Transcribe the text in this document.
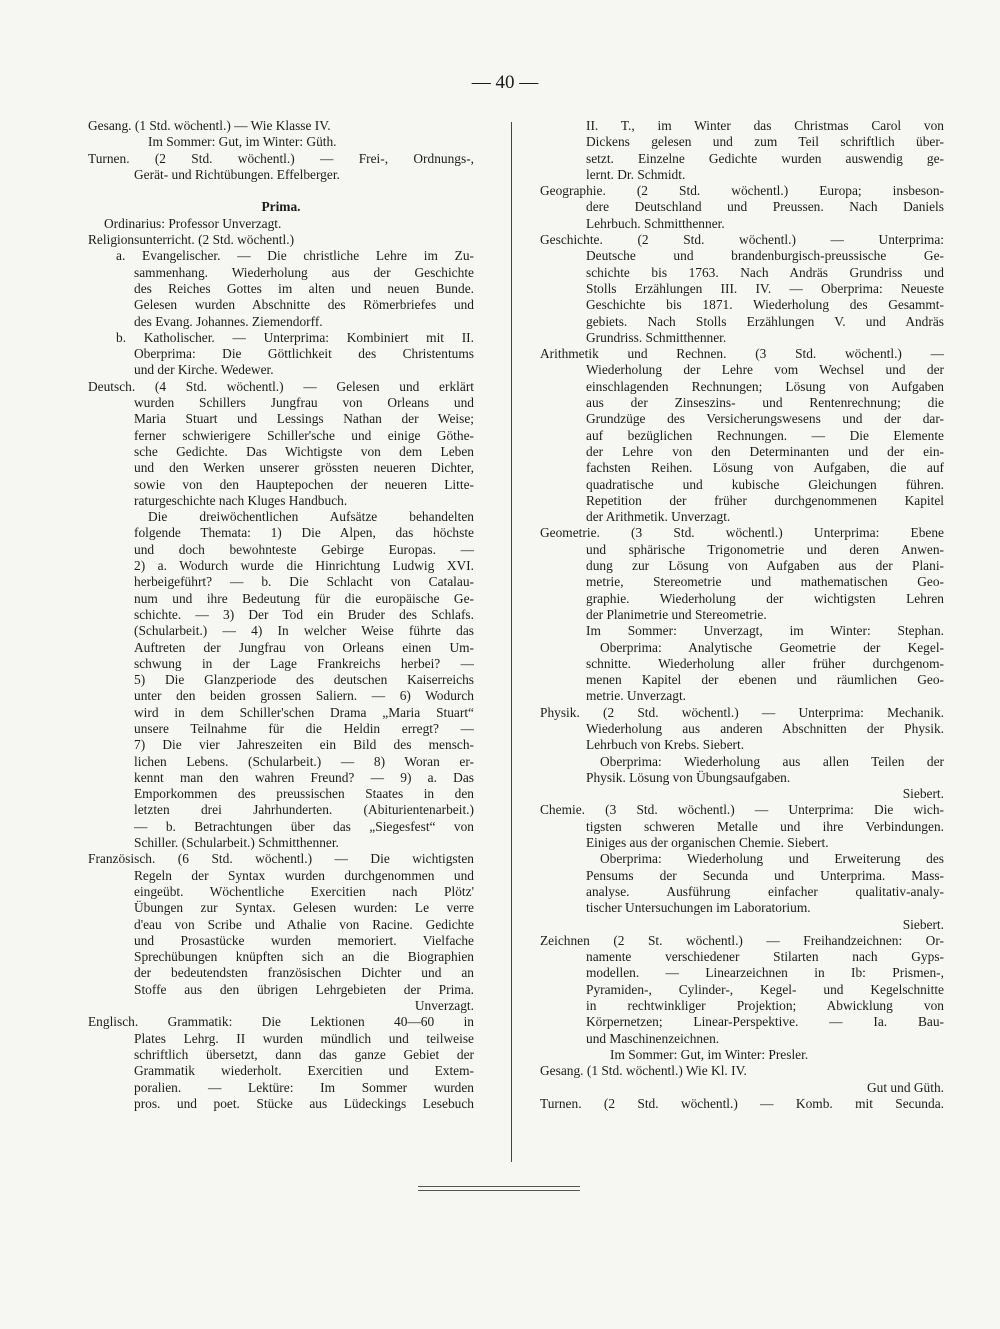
— 40 —
Gesang. (1 Std. wöchentl.) — Wie Klasse IV.
Im Sommer: Gut, im Winter: Güth.
Turnen. (2 Std. wöchentl.) — Frei-, Ordnungs-,
Gerät- und Richtübungen. Effelberger.

Prima.
Ordinarius: Professor Unverzagt.
Religionsunterricht. (2 Std. wöchentl.)
a. Evangelischer. — Die christliche Lehre im Zu-
sammenhang. Wiederholung aus der Geschichte
des Reiches Gottes im alten und neuen Bunde.
Gelesen wurden Abschnitte des Römerbriefes und
des Evang. Johannes. Ziemendorff.
b. Katholischer. — Unterprima: Kombiniert mit II.
Oberprima: Die Göttlichkeit des Christentums
und der Kirche. Wedewer.
Deutsch. (4 Std. wöchentl.) — Gelesen und erklärt
wurden Schillers Jungfrau von Orleans und
Maria Stuart und Lessings Nathan der Weise;
ferner schwierigere Schiller'sche und einige Göthe-
sche Gedichte. Das Wichtigste von dem Leben
und den Werken unserer grössten neueren Dichter,
sowie von den Hauptepochen der neueren Litte-
raturgeschichte nach Kluges Handbuch.
Die dreiwöchentlichen Aufsätze behandelten
folgende Themata: 1) Die Alpen, das höchste
und doch bewohnteste Gebirge Europas. —
2) a. Wodurch wurde die Hinrichtung Ludwig XVI.
herbeigeführt? — b. Die Schlacht von Catalau-
num und ihre Bedeutung für die europäische Ge-
schichte. — 3) Der Tod ein Bruder des Schlafs.
(Schularbeit.) — 4) In welcher Weise führte das
Auftreten der Jungfrau von Orleans einen Um-
schwung in der Lage Frankreichs herbei? —
5) Die Glanzperiode des deutschen Kaiserreichs
unter den beiden grossen Saliern. — 6) Wodurch
wird in dem Schiller'schen Drama „Maria Stuart“
unsere Teilnahme für die Heldin erregt? —
7) Die vier Jahreszeiten ein Bild des mensch-
lichen Lebens. (Schularbeit.) — 8) Woran er-
kennt man den wahren Freund? — 9) a. Das
Emporkommen des preussischen Staates in den
letzten drei Jahrhunderten. (Abiturientenarbeit.)
— b. Betrachtungen über das „Siegesfest“ von
Schiller. (Schularbeit.) Schmitthenner.
Französisch. (6 Std. wöchentl.) — Die wichtigsten
Regeln der Syntax wurden durchgenommen und
eingeübt. Wöchentliche Exercitien nach Plötz'
Übungen zur Syntax. Gelesen wurden: Le verre
d'eau von Scribe und Athalie von Racine. Gedichte
und Prosastücke wurden memoriert. Vielfache
Sprechübungen knüpften sich an die Biographien
der bedeutendsten französischen Dichter und an
Stoffe aus den übrigen Lehrgebieten der Prima.
Unverzagt.
Englisch. Grammatik: Die Lektionen 40—60 in
Plates Lehrg. II wurden mündlich und teilweise
schriftlich übersetzt, dann das ganze Gebiet der
Grammatik wiederholt. Exercitien und Extem-
poralien. — Lektüre: Im Sommer wurden
pros. und poet. Stücke aus Lüdeckings Lesebuch
II. T., im Winter das Christmas Carol von
Dickens gelesen und zum Teil schriftlich über-
setzt. Einzelne Gedichte wurden auswendig ge-
lernt. Dr. Schmidt.
Geographie. (2 Std. wöchentl.) Europa; insbeson-
dere Deutschland und Preussen. Nach Daniels
Lehrbuch. Schmitthenner.
Geschichte. (2 Std. wöchentl.) — Unterprima:
Deutsche und brandenburgisch-preussische Ge-
schichte bis 1763. Nach Andräs Grundriss und
Stolls Erzählungen III. IV. — Oberprima: Neueste
Geschichte bis 1871. Wiederholung des Gesammt-
gebiets. Nach Stolls Erzählungen V. und Andräs
Grundriss. Schmitthenner.
Arithmetik und Rechnen. (3 Std. wöchentl.) —
Wiederholung der Lehre vom Wechsel und der
einschlagenden Rechnungen; Lösung von Aufgaben
aus der Zinseszins- und Rentenrechnung; die
Grundzüge des Versicherungswesens und der dar-
auf bezüglichen Rechnungen. — Die Elemente
der Lehre von den Determinanten und der ein-
fachsten Reihen. Lösung von Aufgaben, die auf
quadratische und kubische Gleichungen führen.
Repetition der früher durchgenommenen Kapitel
der Arithmetik. Unverzagt.
Geometrie. (3 Std. wöchentl.) Unterprima: Ebene
und sphärische Trigonometrie und deren Anwen-
dung zur Lösung von Aufgaben aus der Plani-
metrie, Stereometrie und mathematischen Geo-
graphie. Wiederholung der wichtigsten Lehren
der Planimetrie und Stereometrie.
Im Sommer: Unverzagt, im Winter: Stephan.
Oberprima: Analytische Geometrie der Kegel-
schnitte. Wiederholung aller früher durchgenom-
menen Kapitel der ebenen und räumlichen Geo-
metrie. Unverzagt.
Physik. (2 Std. wöchentl.) — Unterprima: Mechanik.
Wiederholung aus anderen Abschnitten der Physik.
Lehrbuch von Krebs. Siebert.
Oberprima: Wiederholung aus allen Teilen der
Physik. Lösung von Übungsaufgaben.
Siebert.
Chemie. (3 Std. wöchentl.) — Unterprima: Die wich-
tigsten schweren Metalle und ihre Verbindungen.
Einiges aus der organischen Chemie. Siebert.
Oberprima: Wiederholung und Erweiterung des
Pensums der Secunda und Unterprima. Mass-
analyse. Ausführung einfacher qualitativ-analy-
tischer Untersuchungen im Laboratorium.
Siebert.
Zeichnen (2 St. wöchentl.) — Freihandzeichnen: Or-
namente verschiedener Stilarten nach Gyps-
modellen. — Linearzeichnen in Ib: Prismen-,
Pyramiden-, Cylinder-, Kegel- und Kegelschnitte
in rechtwinkliger Projektion; Abwicklung von
Körpernetzen; Linear-Perspektive. — Ia. Bau-
und Maschinenzeichnen.
Im Sommer: Gut, im Winter: Presler.
Gesang. (1 Std. wöchentl.) Wie Kl. IV.
Gut und Güth.
Turnen. (2 Std. wöchentl.) — Komb. mit Secunda.
